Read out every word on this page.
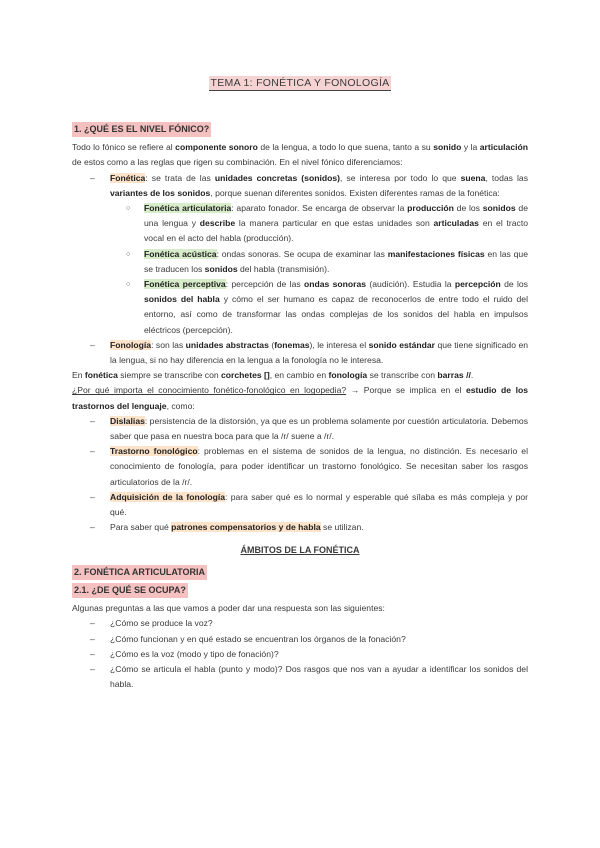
TEMA 1: FONÉTICA Y FONOLOGÍA
1. ¿QUÉ ES EL NIVEL FÓNICO?

Todo lo fónico se refiere al componente sonoro de la lengua, a todo lo que suena, tanto a su sonido y la articulación de estos como a las reglas que rigen su combinación. En el nivel fónico diferenciamos:

– Fonética: se trata de las unidades concretas (sonidos), se interesa por todo lo que suena, todas las variantes de los sonidos, porque suenan diferentes sonidos. Existen diferentes ramas de la fonética:
○ Fonética articulatoria: aparato fonador. Se encarga de observar la producción de los sonidos de una lengua y describe la manera particular en que estas unidades son articuladas en el tracto vocal en el acto del habla (producción).
○ Fonética acústica: ondas sonoras. Se ocupa de examinar las manifestaciones físicas en las que se traducen los sonidos del habla (transmisión).
○ Fonética perceptiva: percepción de las ondas sonoras (audición). Estudia la percepción de los sonidos del habla y cómo el ser humano es capaz de reconocerlos de entre todo el ruido del entorno, así como de transformar las ondas complejas de los sonidos del habla en impulsos eléctricos (percepción).
– Fonología: son las unidades abstractas (fonemas), le interesa el sonido estándar que tiene significado en la lengua, si no hay diferencia en la lengua a la fonología no le interesa.

En fonética siempre se transcribe con corchetes [], en cambio en fonología se transcribe con barras //.

¿Por qué importa el conocimiento fonético-fonológico en logopedia? → Porque se implica en el estudio de los trastornos del lenguaje, como:

– Dislalias: persistencia de la distorsión, ya que es un problema solamente por cuestión articulatoria. Debemos saber que pasa en nuestra boca para que la /r/ suene a /r/.
– Trastorno fonológico: problemas en el sistema de sonidos de la lengua, no distinción. Es necesario el conocimiento de fonología, para poder identificar un trastorno fonológico. Se necesitan saber los rasgos articulatorios de la /r/.
– Adquisición de la fonología: para saber qué es lo normal y esperable qué sílaba es más compleja y por qué.
– Para saber qué patrones compensatorios y de habla se utilizan.
ÁMBITOS DE LA FONÉTICA
2. FONÉTICA ARTICULATORIA
2.1. ¿DE QUÉ SE OCUPA?

Algunas preguntas a las que vamos a poder dar una respuesta son las siguientes:

– ¿Cómo se produce la voz?
– ¿Cómo funcionan y en qué estado se encuentran los órganos de la fonación?
– ¿Cómo es la voz (modo y tipo de fonación)?
– ¿Cómo se articula el habla (punto y modo)? Dos rasgos que nos van a ayudar a identificar los sonidos del habla.
